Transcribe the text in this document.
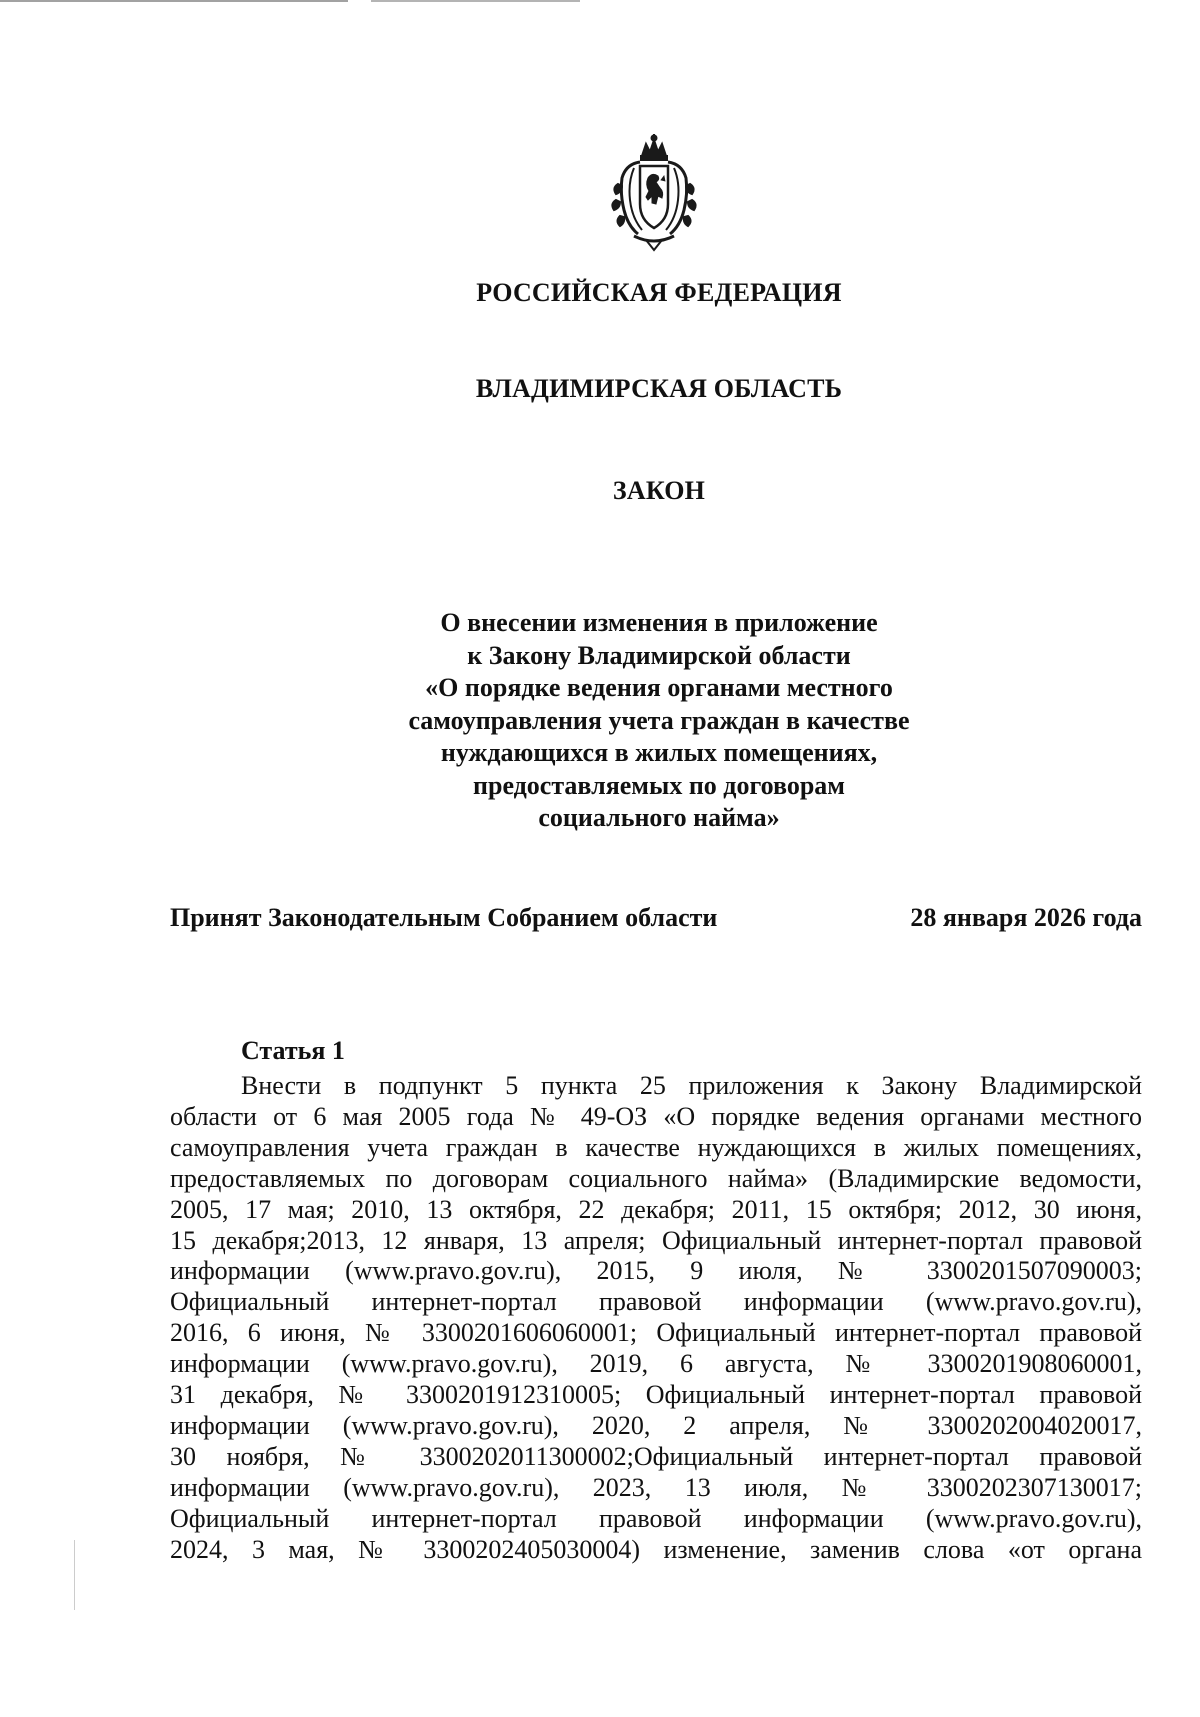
РОССИЙСКАЯ ФЕДЕРАЦИЯ
ВЛАДИМИРСКАЯ ОБЛАСТЬ
ЗАКОН
О внесении изменения в приложение
к Закону Владимирской области
«О порядке ведения органами местного
самоуправления учета граждан в качестве
нуждающихся в жилых помещениях,
предоставляемых по договорам
социального найма»
Принят Законодательным Собранием области	28 января 2026 года
Статья 1
Внести в подпункт 5 пункта 25 приложения к Закону Владимирской
области от 6 мая 2005 года № 49-ОЗ «О порядке ведения органами местного
самоуправления учета граждан в качестве нуждающихся в жилых помещениях,
предоставляемых по договорам социального найма» (Владимирские ведомости,
2005, 17 мая; 2010, 13 октября, 22 декабря; 2011, 15 октября; 2012, 30 июня,
15 декабря;2013, 12 января, 13 апреля; Официальный интернет-портал правовой
информации (www.pravo.gov.ru), 2015, 9 июля, № 3300201507090003;
Официальный интернет-портал правовой информации (www.pravo.gov.ru),
2016, 6 июня, № 3300201606060001; Официальный интернет-портал правовой
информации (www.pravo.gov.ru), 2019, 6 августа, № 3300201908060001,
31 декабря, № 3300201912310005; Официальный интернет-портал правовой
информации (www.pravo.gov.ru), 2020, 2 апреля, № 3300202004020017,
30 ноября, № 3300202011300002;Официальный интернет-портал правовой
информации (www.pravo.gov.ru), 2023, 13 июля, № 3300202307130017;
Официальный интернет-портал правовой информации (www.pravo.gov.ru),
2024, 3 мая, № 3300202405030004) изменение, заменив слова «от органа
